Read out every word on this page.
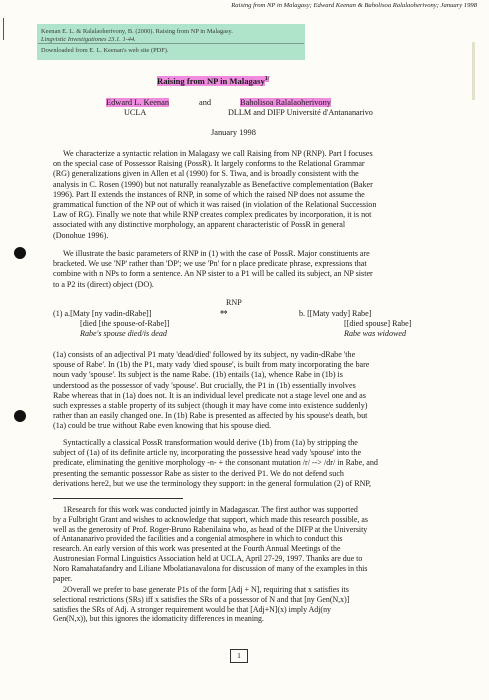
Raising from NP in Malagasy; Edward Keenan & Baholisoa Ralalaoherivony; January 1998
Keenan E. L. & Ralalaoherivony, B. (2000). Raising from NP in Malagasy.
Lingvistic Investigationes 23.1. 1-44.
Downloaded from E. L. Keenan's web site (PDF).
Raising from NP in Malagasy$^{1/}$
Edward L. Keenan
UCLA
and	Baholisoa Ralalaoherivony
DLLM and DIFP Université d'Antananarivo
January 1998

We characterize a syntactic relation in Malagasy we call Raising from NP (RNP). Part I focuses

on the special case of Possessor Raising (PossR). It largely conforms to the Relational Grammar

(RG) generalizations given in Allen et al (1990) for S. Tiwa, and is broadly consistent with the

analysis in C. Rosen (1990) but not naturally reanalyzable as Benefactive complementation (Baker

1996). Part II extends the instances of RNP, in some of which the raised NP does not assume the

grammatical function of the NP out of which it was raised (in violation of the Relational Succession

Law of RG). Finally we note that while RNP creates complex predicates by incorporation, it is not

associated with any distinctive morphology, an apparent characteristic of PossR in general

(Donohue 1996).

We illustrate the basic parameters of RNP in (1) with the case of PossR. Major constituents are

bracketed. We use 'NP' rather than 'DP'; we use 'Pn' for n place predicate phrase, expressions that

combine with n NPs to form a sentence. An NP sister to a P1 will be called its subject, an NP sister

to a P2 its (direct) object (DO).

RNP
(1) a.[Maty [ny vadin-dRabe]]	⇔	b. [[Maty vady] Rabe]
[died [the spouse-of-Rabe]]	[[died spouse] Rabe]
Rabe's spouse died/is dead	Rabe was widowed

(1a) consists of an adjectival P1 maty 'dead/died' followed by its subject, ny vadin-dRabe 'the

spouse of Rabe'. In (1b) the P1, maty vady 'died spouse', is built from maty incorporating the bare

noun vady 'spouse'. Its subject is the name Rabe. (1b) entails (1a), whence Rabe in (1b) is

understood as the possessor of vady 'spouse'. But crucially, the P1 in (1b) essentially involves

Rabe whereas that in (1a) does not. It is an individual level predicate not a stage level one and as

such expresses a stable property of its subject (though it may have come into existence suddenly)

rather than an easily changed one. In (1b) Rabe is presented as affected by his spouse's death, but

(1a) could be true without Rabe even knowing that his spouse died.

Syntactically a classical PossR transformation would derive (1b) from (1a) by stripping the

subject of (1a) of its definite article ny, incorporating the possessive head vady 'spouse' into the

predicate, eliminating the genitive morphology -n- + the consonant mutation /r/ --> /dr/ in Rabe, and

presenting the semantic possessor Rabe as sister to the derived P1. We do not defend such

derivations here2, but we use the terminology they support: in the general formulation (2) of RNP,

1Research for this work was conducted jointly in Madagascar. The first author was supported

by a Fulbright Grant and wishes to acknowledge that support, which made this research possible, as

well as the generosity of Prof. Roger-Bruno Rabenilaina who, as head of the DIFP at the University

of Antananarivo provided the facilities and a congenial atmosphere in which to conduct this

research. An early version of this work was presented at the Fourth Annual Meetings of the

Austronesian Formal Linguistics Association held at UCLA, April 27-29, 1997. Thanks are due to

Noro Ramahatafandry and Liliane Mbolatianavalona for discussion of many of the examples in this

paper.

2Overall we prefer to base generate P1s of the form [Adj + N], requiring that x satisfies its

selectional restrictions (SRs) iff x satisfies the SRs of a possessor of N and that [ny Gen(N,x)]

satisfies the SRs of Adj. A stronger requirement would be that [Adj+N](x) imply Adj(ny

Gen(N,x)), but this ignores the idomaticity differences in meaning.

1
